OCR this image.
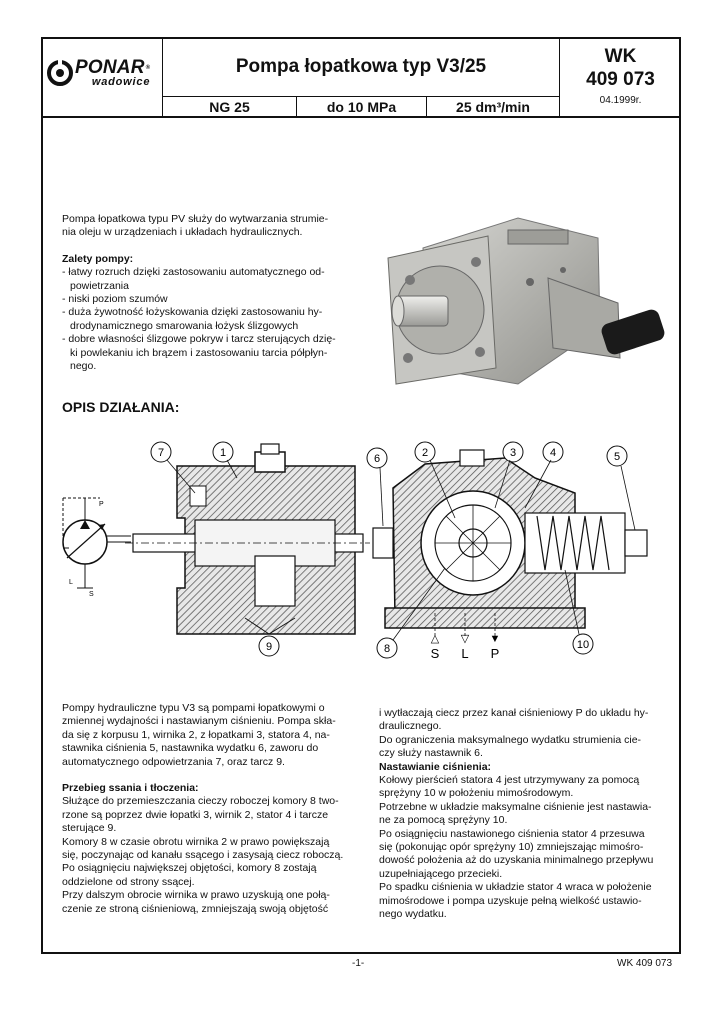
PONAR®
wadowice
Pompa łopatkowa typ V3/25
NG 25	do 10 MPa	25 dm³/min
WK
409 073
04.1999r.

Pompa łopatkowa typu PV służy do wytwarzania strumie-

nia oleju w urządzeniach i układach hydraulicznych.

Zalety pompy:

- łatwy rozruch dzięki zastosowaniu automatycznego od-
powietrzania
- niski poziom szumów
- duża żywotność łożyskowania dzięki zastosowaniu hy-
drodynamicznego smarowania łożysk ślizgowych
- dobre własności ślizgowe pokryw i tarcz sterujących dzię-
ki powlekaniu ich brązem i zastosowaniu tarcia półpłyn-
nego.
OPIS DZIAŁANIA:
L
S
P
7	1	6	2	3	4	5
9	8	10
△
S
▽
L
▼
P

Pompy hydrauliczne typu V3 są pompami łopatkowymi o

zmiennej wydajności i nastawianym ciśnieniu. Pompa skła-

da się z korpusu 1, wirnika 2, z łopatkami 3, statora 4, na-

stawnika ciśnienia 5, nastawnika wydatku 6, zaworu do

automatycznego odpowietrzania 7, oraz tarcz 9.

Przebieg ssania i tłoczenia:

Służące do przemieszczania cieczy roboczej komory 8 two-

rzone są poprzez dwie łopatki 3, wirnik 2, stator 4 i tarcze

sterujące 9.

Komory 8 w czasie obrotu wirnika 2 w prawo powiększają

się, poczynając od kanału ssącego i zasysają ciecz roboczą.

Po osiągnięciu największej objętości, komory 8 zostają

oddzielone od strony ssącej.

Przy dalszym obrocie wirnika w prawo uzyskują one połą-

czenie ze stroną ciśnieniową, zmniejszają swoją objętość

i wytłaczają ciecz przez kanał ciśnieniowy P do układu hy-

draulicznego.

Do ograniczenia maksymalnego wydatku strumienia cie-

czy służy nastawnik 6.

Nastawianie ciśnienia:

Kołowy pierścień statora 4 jest utrzymywany za pomocą

sprężyny 10 w położeniu mimośrodowym.

Potrzebne w układzie maksymalne ciśnienie jest nastawia-

ne za pomocą sprężyny 10.

Po osiągnięciu nastawionego ciśnienia stator 4 przesuwa

się (pokonując opór sprężyny 10) zmniejszając mimośro-

dowość położenia aż do uzyskania minimalnego przepływu

uzupełniającego przecieki.

Po spadku ciśnienia w układzie stator 4 wraca w położenie

mimośrodowe i pompa uzyskuje pełną wielkość ustawio-

nego wydatku.

-1-	WK 409 073
